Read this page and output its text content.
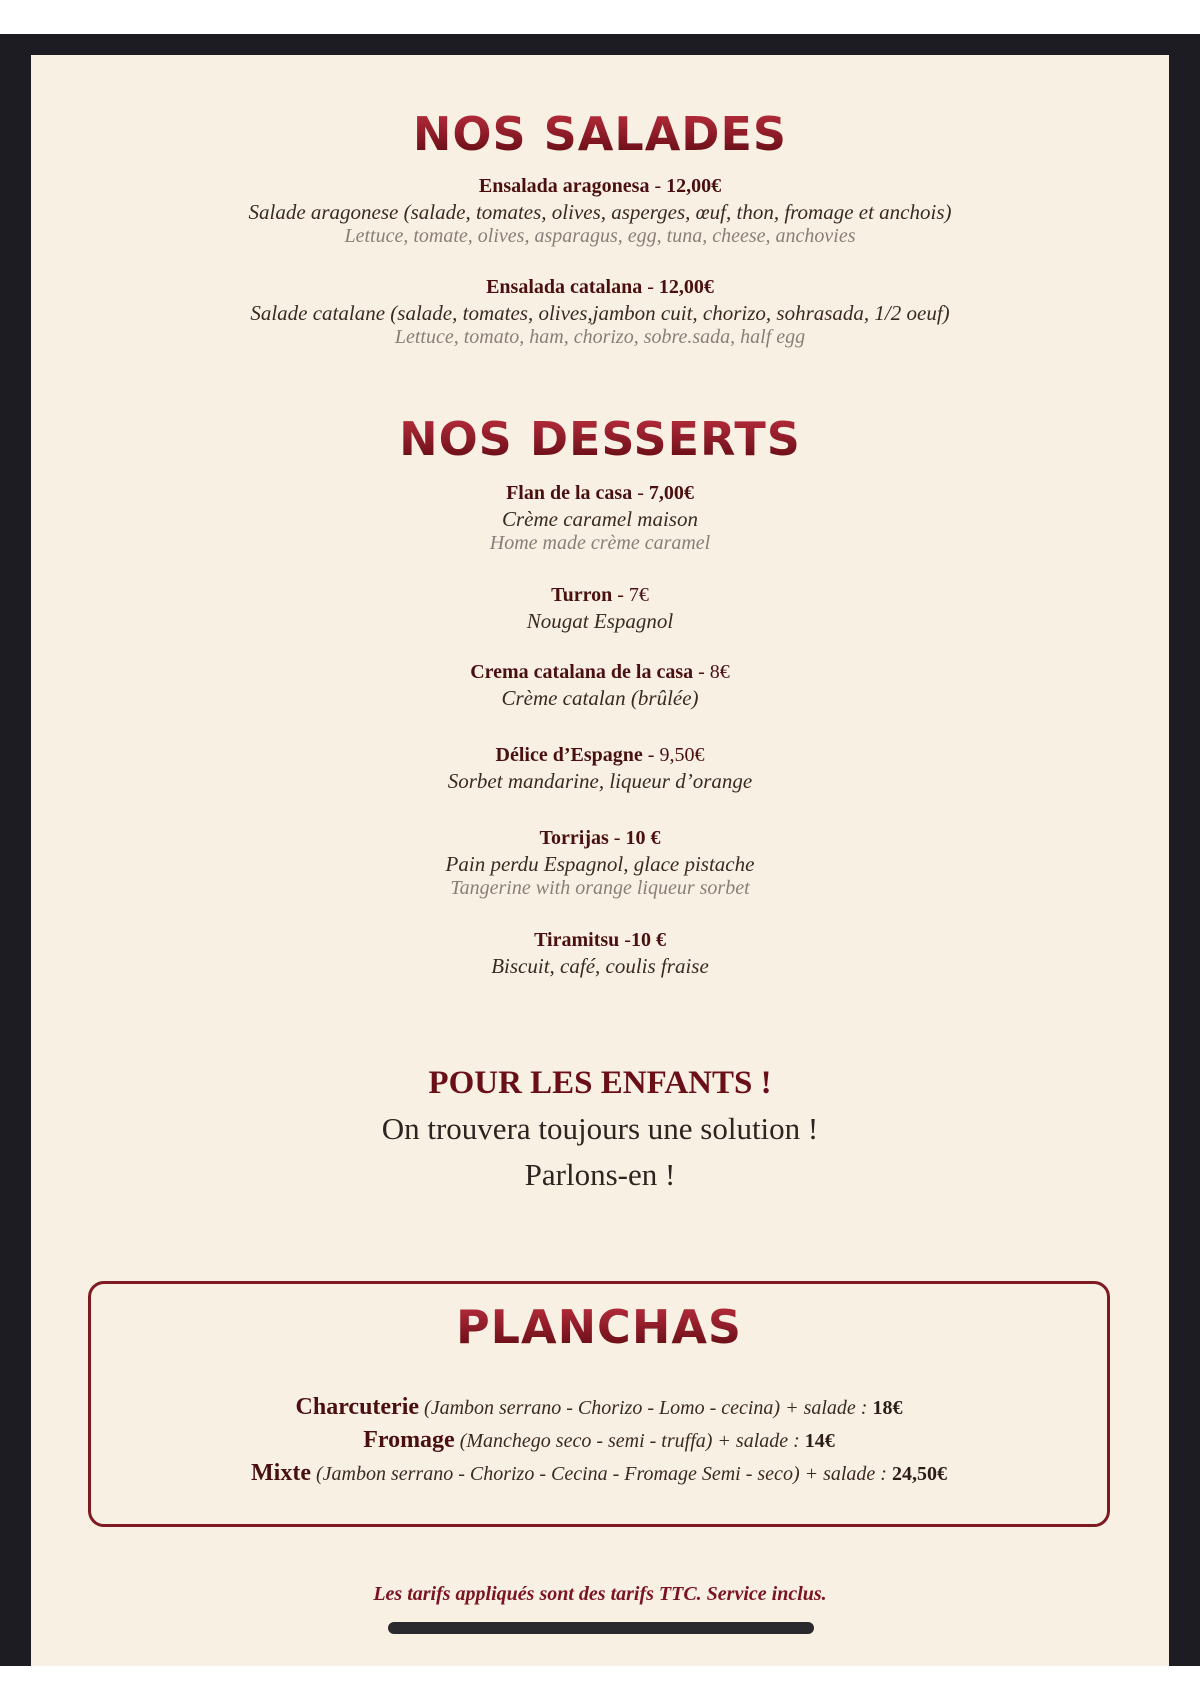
NOS SALADES
Ensalada aragonesa - 12,00€
Salade aragonese (salade, tomates, olives, asperges, œuf, thon, fromage et anchois)
Lettuce, tomate, olives, asparagus, egg, tuna, cheese, anchovies
Ensalada catalana - 12,00€
Salade catalane (salade, tomates, olives,jambon cuit, chorizo, sohrasada, 1/2 oeuf)
Lettuce, tomato, ham, chorizo, sobre.sada, half egg
NOS DESSERTS
Flan de la casa - 7,00€
Crème caramel maison
Home made crème caramel
Turron - 7€
Nougat Espagnol
Crema catalana de la casa - 8€
Crème catalan (brûlée)
Délice d’Espagne - 9,50€
Sorbet mandarine, liqueur d’orange
Torrijas - 10 €
Pain perdu Espagnol, glace pistache
Tangerine with orange liqueur sorbet
Tiramitsu -10 €
Biscuit, café, coulis fraise
POUR LES ENFANTS !
On trouvera toujours une solution !
Parlons-en !
PLANCHAS
Charcuterie (Jambon serrano - Chorizo - Lomo - cecina) + salade : 18€
Fromage (Manchego seco - semi - truffa) + salade : 14€
Mixte (Jambon serrano - Chorizo - Cecina - Fromage Semi - seco) + salade : 24,50€
Les tarifs appliqués sont des tarifs TTC. Service inclus.
